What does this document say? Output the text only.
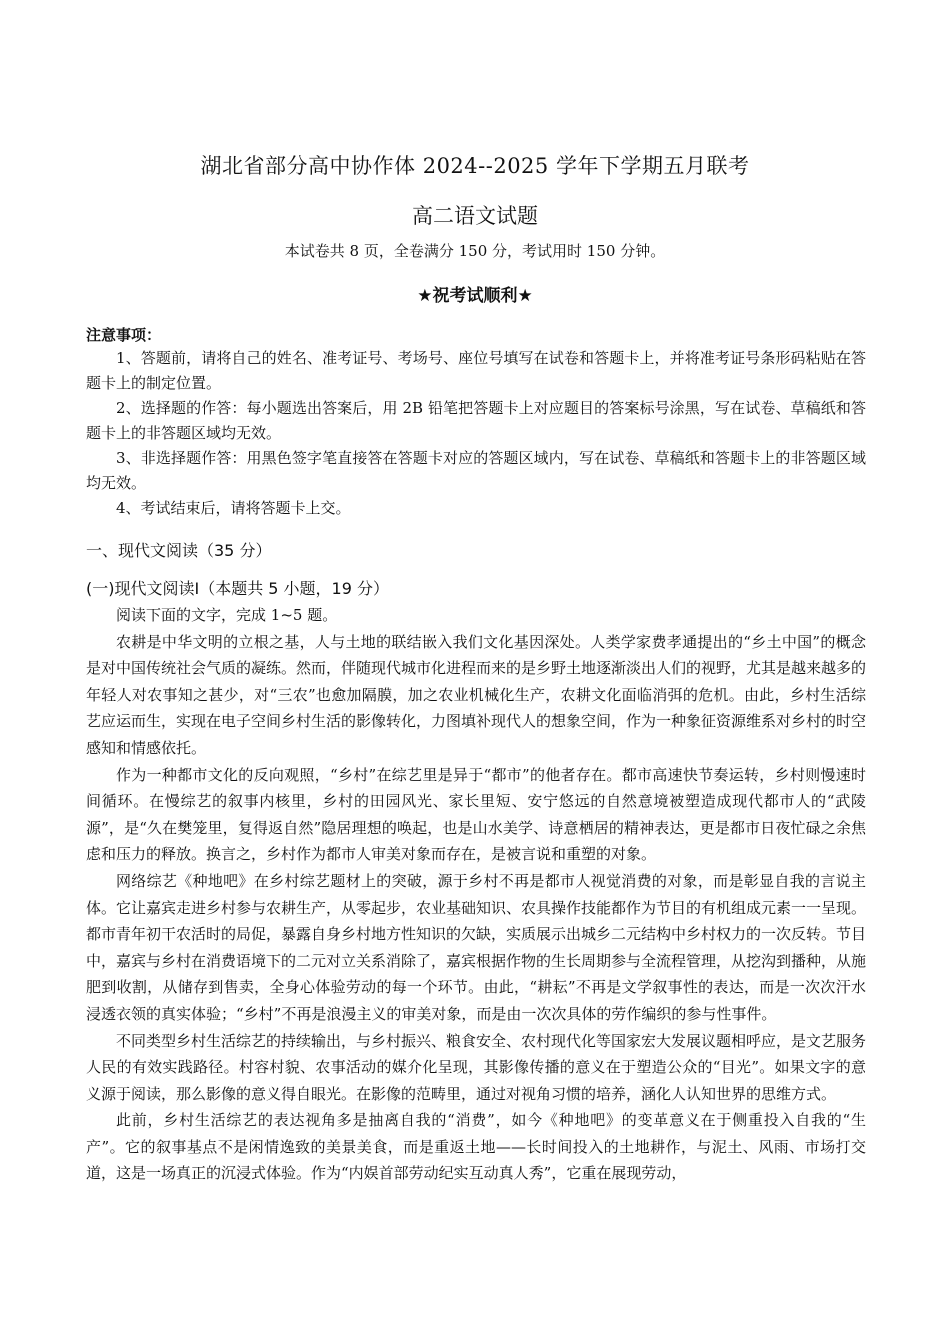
湖北省部分高中协作体 2024--2025 学年下学期五月联考
高二语文试题
本试卷共 8 页，全卷满分 150 分，考试用时 150 分钟。
★祝考试顺利★
注意事项：

1、答题前，请将自己的姓名、准考证号、考场号、座位号填写在试卷和答题卡上，并将准考证号条形码粘贴在答题卡上的制定位置。

2、选择题的作答：每小题选出答案后，用 2B 铅笔把答题卡上对应题目的答案标号涂黑，写在试卷、草稿纸和答题卡上的非答题区域均无效。

3、非选择题作答：用黑色签字笔直接答在答题卡对应的答题区域内，写在试卷、草稿纸和答题卡上的非答题区域均无效。

4、考试结束后，请将答题卡上交。

一、现代文阅读（35 分）
(一)现代文阅读Ⅰ（本题共 5 小题，19 分）

阅读下面的文字，完成 1~5 题。

农耕是中华文明的立根之基，人与土地的联结嵌入我们文化基因深处。人类学家费孝通提出的“乡土中国”的概念是对中国传统社会气质的凝练。然而，伴随现代城市化进程而来的是乡野土地逐渐淡出人们的视野，尤其是越来越多的年轻人对农事知之甚少，对“三农”也愈加隔膜，加之农业机械化生产，农耕文化面临消弭的危机。由此，乡村生活综艺应运而生，实现在电子空间乡村生活的影像转化，力图填补现代人的想象空间，作为一种象征资源维系对乡村的时空感知和情感依托。

作为一种都市文化的反向观照，“乡村”在综艺里是异于“都市”的他者存在。都市高速快节奏运转，乡村则慢速时间循环。在慢综艺的叙事内核里，乡村的田园风光、家长里短、安宁悠远的自然意境被塑造成现代都市人的“武陵源”，是“久在樊笼里，复得返自然”隐居理想的唤起，也是山水美学、诗意栖居的精神表达，更是都市日夜忙碌之余焦虑和压力的释放。换言之，乡村作为都市人审美对象而存在，是被言说和重塑的对象。

网络综艺《种地吧》在乡村综艺题材上的突破，源于乡村不再是都市人视觉消费的对象，而是彰显自我的言说主体。它让嘉宾走进乡村参与农耕生产，从零起步，农业基础知识、农具操作技能都作为节目的有机组成元素一一呈现。都市青年初干农活时的局促，暴露自身乡村地方性知识的欠缺，实质展示出城乡二元结构中乡村权力的一次反转。节目中，嘉宾与乡村在消费语境下的二元对立关系消除了，嘉宾根据作物的生长周期参与全流程管理，从挖沟到播种，从施肥到收割，从储存到售卖，全身心体验劳动的每一个环节。由此，“耕耘”不再是文学叙事性的表达，而是一次次汗水浸透衣领的真实体验；“乡村”不再是浪漫主义的审美对象，而是由一次次具体的劳作编织的参与性事件。

不同类型乡村生活综艺的持续输出，与乡村振兴、粮食安全、农村现代化等国家宏大发展议题相呼应，是文艺服务人民的有效实践路径。村容村貌、农事活动的媒介化呈现，其影像传播的意义在于塑造公众的“目光”。如果文字的意义源于阅读，那么影像的意义得自眼光。在影像的范畴里，通过对视角习惯的培养，涵化人认知世界的思维方式。

此前，乡村生活综艺的表达视角多是抽离自我的“消费”，如今《种地吧》的变革意义在于侧重投入自我的“生产”。它的叙事基点不是闲情逸致的美景美食，而是重返土地——长时间投入的土地耕作，与泥土、风雨、市场打交道，这是一场真正的沉浸式体验。作为“内娱首部劳动纪实互动真人秀”，它重在展现劳动，
